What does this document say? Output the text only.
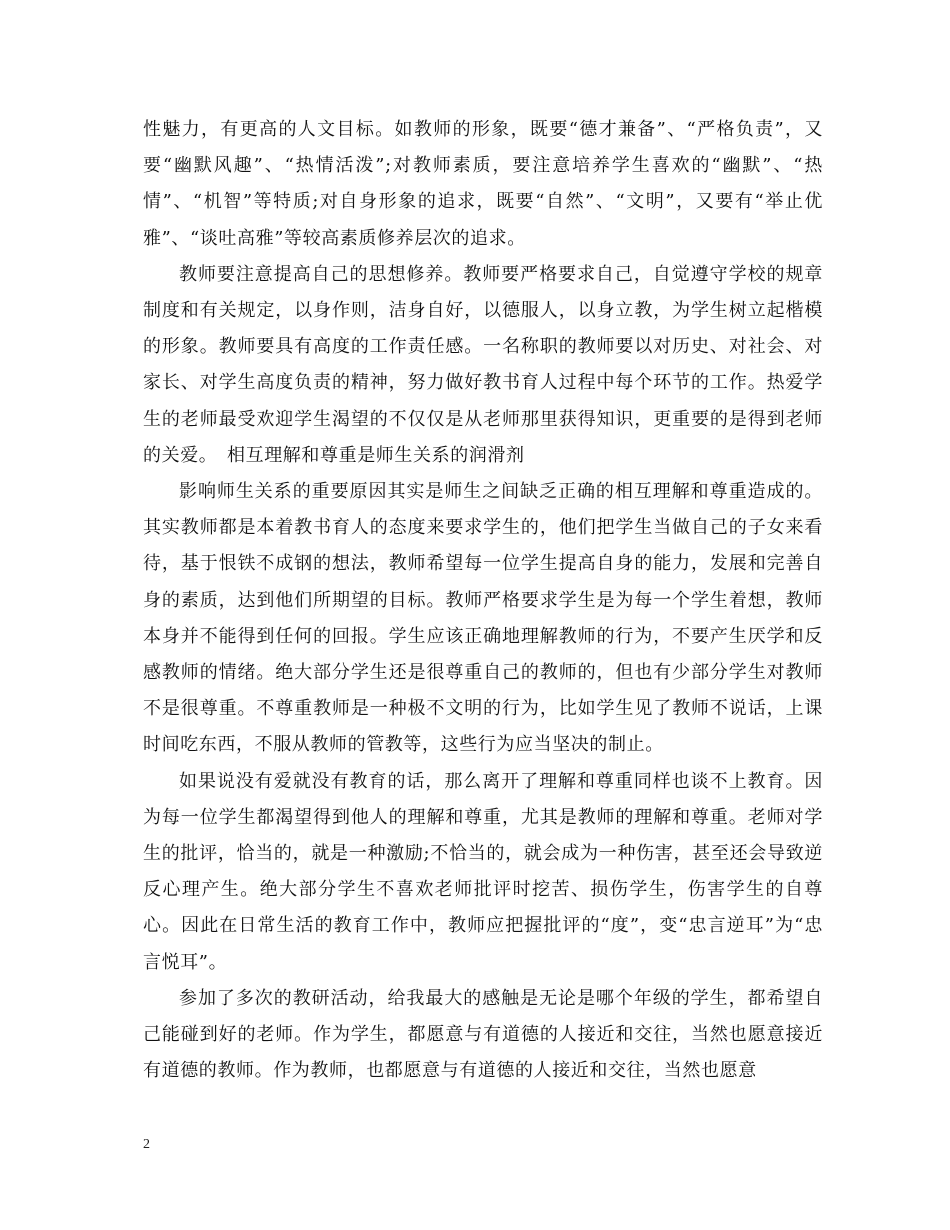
性魅力，有更高的人文目标。如教师的形象，既要“德才兼备”、“严格负责”，又要“幽默风趣”、“热情活泼”;对教师素质，要注意培养学生喜欢的“幽默”、“热情”、“机智”等特质;对自身形象的追求，既要“自然”、“文明”，又要有“举止优雅”、“谈吐高雅”等较高素质修养层次的追求。

教师要注意提高自己的思想修养。教师要严格要求自己，自觉遵守学校的规章制度和有关规定，以身作则，洁身自好，以德服人，以身立教，为学生树立起楷模的形象。教师要具有高度的工作责任感。一名称职的教师要以对历史、对社会、对家长、对学生高度负责的精神，努力做好教书育人过程中每个环节的工作。热爱学生的老师最受欢迎学生渴望的不仅仅是从老师那里获得知识，更重要的是得到老师的关爱。　相互理解和尊重是师生关系的润滑剂

影响师生关系的重要原因其实是师生之间缺乏正确的相互理解和尊重造成的。其实教师都是本着教书育人的态度来要求学生的，他们把学生当做自己的子女来看待，基于恨铁不成钢的想法，教师希望每一位学生提高自身的能力，发展和完善自身的素质，达到他们所期望的目标。教师严格要求学生是为每一个学生着想，教师本身并不能得到任何的回报。学生应该正确地理解教师的行为，不要产生厌学和反感教师的情绪。绝大部分学生还是很尊重自己的教师的，但也有少部分学生对教师不是很尊重。不尊重教师是一种极不文明的行为，比如学生见了教师不说话，上课时间吃东西，不服从教师的管教等，这些行为应当坚决的制止。

如果说没有爱就没有教育的话，那么离开了理解和尊重同样也谈不上教育。因为每一位学生都渴望得到他人的理解和尊重，尤其是教师的理解和尊重。老师对学生的批评，恰当的，就是一种激励;不恰当的，就会成为一种伤害，甚至还会导致逆反心理产生。绝大部分学生不喜欢老师批评时挖苦、损伤学生，伤害学生的自尊心。因此在日常生活的教育工作中，教师应把握批评的“度”，变“忠言逆耳”为“忠言悦耳”。

参加了多次的教研活动，给我最大的感触是无论是哪个年级的学生，都希望自己能碰到好的老师。作为学生，都愿意与有道德的人接近和交往，当然也愿意接近有道德的教师。作为教师，也都愿意与有道德的人接近和交往，当然也愿意

2
